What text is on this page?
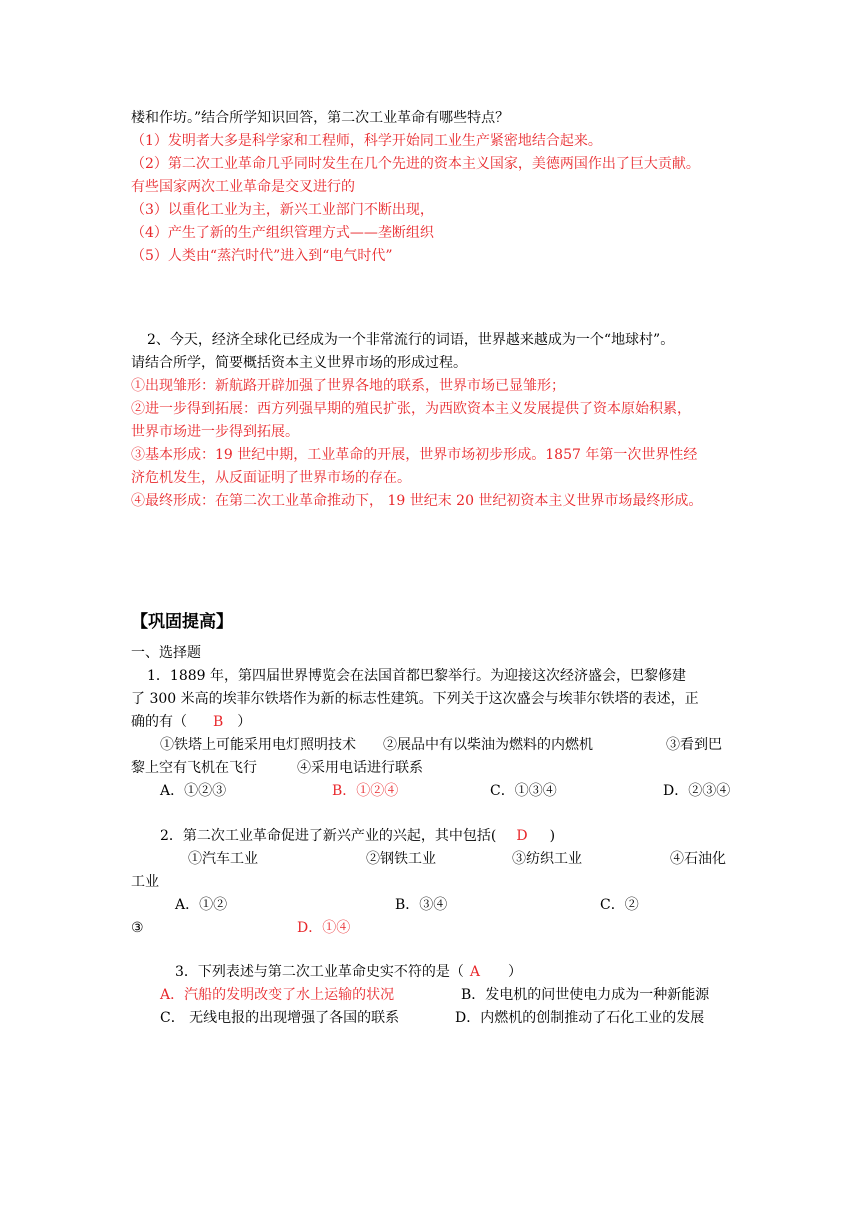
楼和作坊。”结合所学知识回答，第二次工业革命有哪些特点？
（1）发明者大多是科学家和工程师，科学开始同工业生产紧密地结合起来。
（2）第二次工业革命几乎同时发生在几个先进的资本主义国家，美德两国作出了巨大贡献。
有些国家两次工业革命是交叉进行的
（3）以重化工业为主，新兴工业部门不断出现，
（4）产生了新的生产组织管理方式——垄断组织
（5）人类由“蒸汽时代”进入到“电气时代”
2、今天，经济全球化已经成为一个非常流行的词语，世界越来越成为一个“地球村”。
请结合所学，简要概括资本主义世界市场的形成过程。
①出现雏形：新航路开辟加强了世界各地的联系，世界市场已显雏形；
②进一步得到拓展：西方列强早期的殖民扩张，为西欧资本主义发展提供了资本原始积累，
世界市场进一步得到拓展。
③基本形成：19 世纪中期，工业革命的开展，世界市场初步形成。1857 年第一次世界性经
济危机发生，从反面证明了世界市场的存在。
④最终形成：在第二次工业革命推动下， 19 世纪末 20 世纪初资本主义世界市场最终形成。
【巩固提高】
一、选择题
1．1889 年，第四届世界博览会在法国首都巴黎举行。为迎接这次经济盛会，巴黎修建
了 300 米高的埃菲尔铁塔作为新的标志性建筑。下列关于这次盛会与埃菲尔铁塔的表述，正
确的有（ B ）
①铁塔上可能采用电灯照明技术 ②展品中有以柴油为燃料的内燃机	③看到巴
黎上空有飞机在飞行	④采用电话进行联系
A．①②③	B．①②④	C．①③④	D．②③④
2．第二次工业革命促进了新兴产业的兴起，其中包括( D )
①汽车工业	②钢铁工业	③纺织工业	④石油化
工业
A．①②	B．③④	C．②
③	D．①④
3．下列表述与第二次工业革命史实不符的是（ A ）
A．汽船的发明改变了水上运输的状况	B．发电机的问世使电力成为一种新能源
C． 无线电报的出现增强了各国的联系	D．内燃机的创制推动了石化工业的发展
